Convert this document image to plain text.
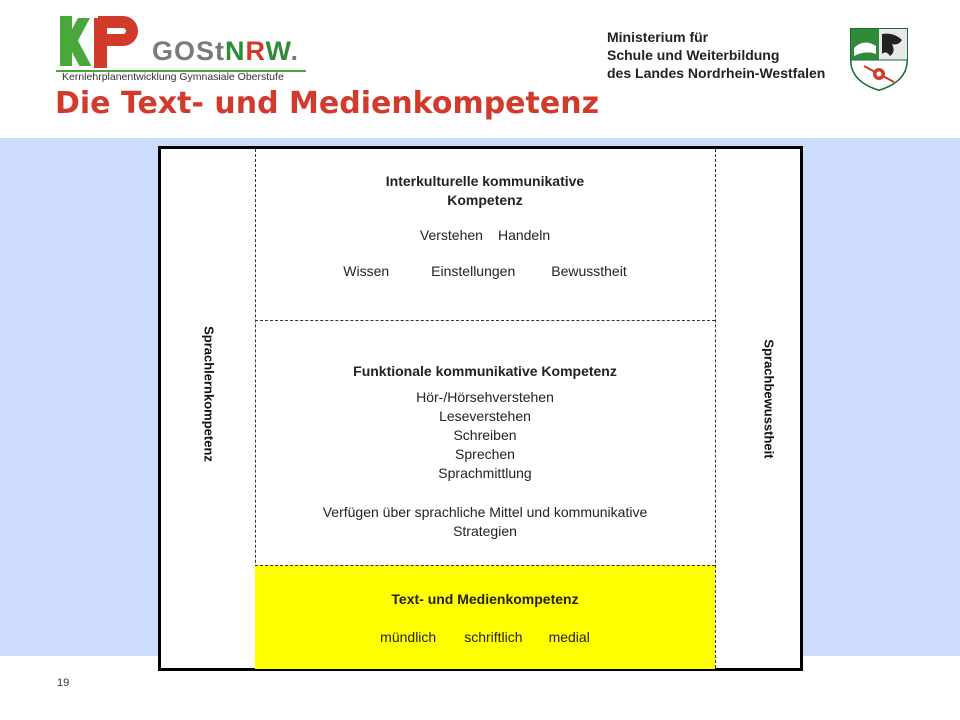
GOStNRW.
Kernlehrplanentwicklung Gymnasiale Oberstufe
Ministerium für
Schule und Weiterbildung
des Landes Nordrhein-Westfalen
Die Text- und Medienkompetenz
Sprachlernkompetenz	Sprachbewusstheit
Interkulturelle kommunikative
Kompetenz
Verstehen Handeln
Wissen	Einstellungen	Bewusstheit
Funktionale kommunikative Kompetenz
Hör-/Hörsehverstehen
Leseverstehen
Schreiben
Sprechen
Sprachmittlung
Verfügen über sprachliche Mittel und kommunikative
Strategien
Text- und Medienkompetenz
mündlich schriftlich medial
19
